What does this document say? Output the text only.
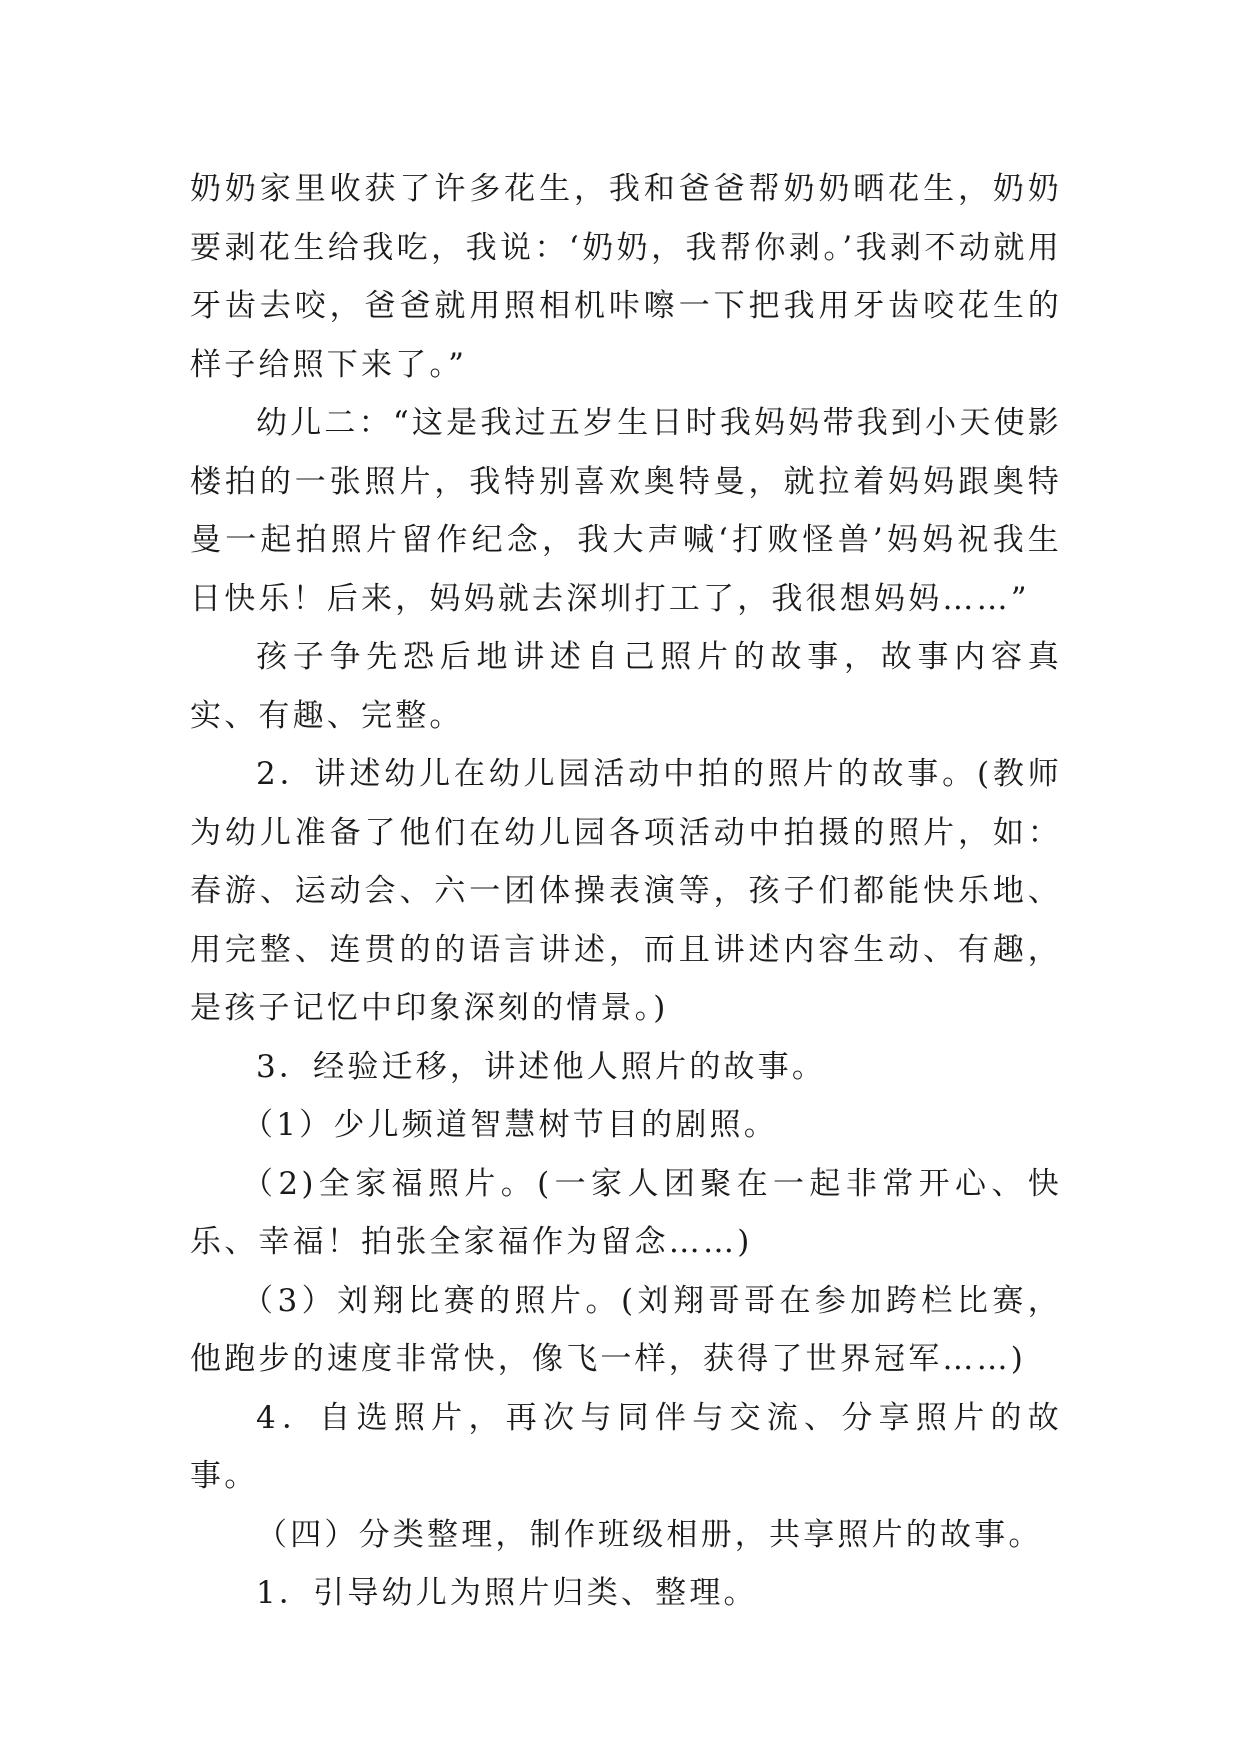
奶奶家里收获了许多花生，我和爸爸帮奶奶晒花生，奶奶要剥花生给我吃，我说：‘奶奶，我帮你剥。’我剥不动就用牙齿去咬，爸爸就用照相机咔嚓一下把我用牙齿咬花生的样子给照下来了。”

幼儿二：“这是我过五岁生日时我妈妈带我到小天使影楼拍的一张照片，我特别喜欢奥特曼，就拉着妈妈跟奥特曼一起拍照片留作纪念，我大声喊‘打败怪兽’妈妈祝我生日快乐！后来，妈妈就去深圳打工了，我很想妈妈……”

孩子争先恐后地讲述自己照片的故事，故事内容真实、有趣、完整。

2．讲述幼儿在幼儿园活动中拍的照片的故事。(教师为幼儿准备了他们在幼儿园各项活动中拍摄的照片，如：春游、运动会、六一团体操表演等，孩子们都能快乐地、用完整、连贯的的语言讲述，而且讲述内容生动、有趣，是孩子记忆中印象深刻的情景。)

3．经验迁移，讲述他人照片的故事。

（1）少儿频道智慧树节目的剧照。

（2)全家福照片。(一家人团聚在一起非常开心、快乐、幸福！拍张全家福作为留念……)

（3）刘翔比赛的照片。(刘翔哥哥在参加跨栏比赛，他跑步的速度非常快，像飞一样，获得了世界冠军……)

4．自选照片，再次与同伴与交流、分享照片的故事。

（四）分类整理，制作班级相册，共享照片的故事。

1．引导幼儿为照片归类、整理。
